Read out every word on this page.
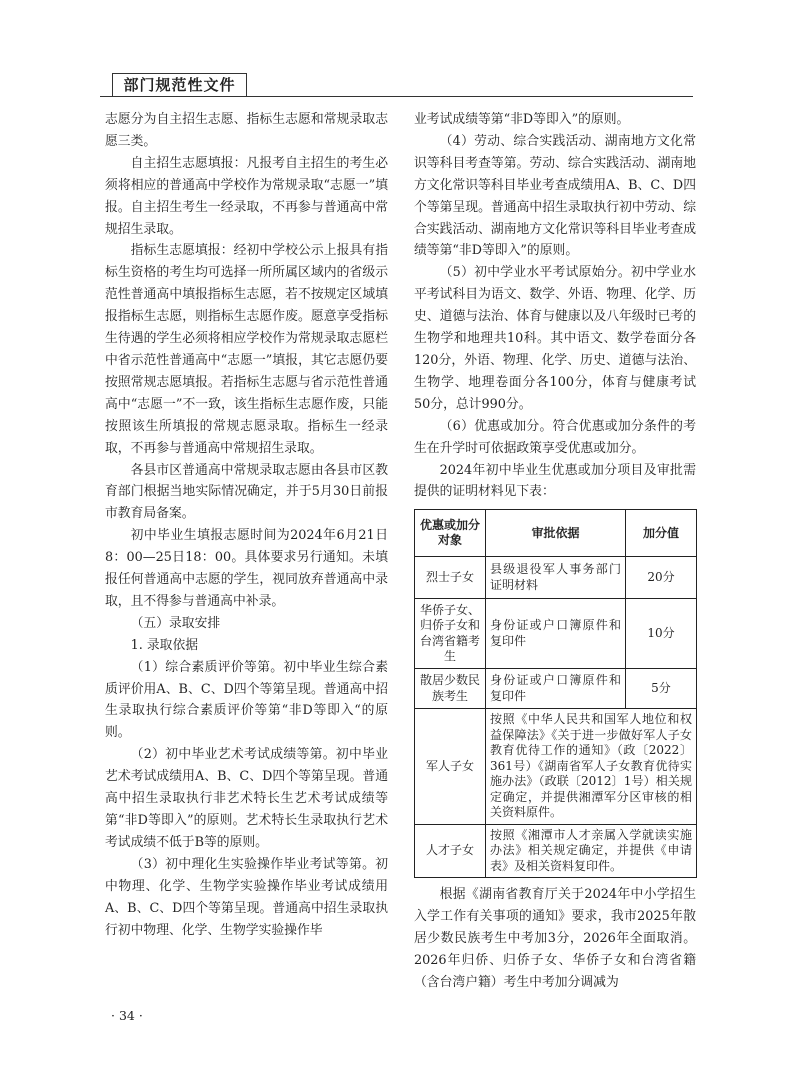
部门规范性文件

志愿分为自主招生志愿、指标生志愿和常规录取志愿三类。

自主招生志愿填报：凡报考自主招生的考生必须将相应的普通高中学校作为常规录取“志愿一”填报。自主招生考生一经录取，不再参与普通高中常规招生录取。

指标生志愿填报：经初中学校公示上报具有指标生资格的考生均可选择一所所属区域内的省级示范性普通高中填报指标生志愿，若不按规定区域填报指标生志愿，则指标生志愿作废。愿意享受指标生待遇的学生必须将相应学校作为常规录取志愿栏中省示范性普通高中“志愿一”填报，其它志愿仍要按照常规志愿填报。若指标生志愿与省示范性普通高中“志愿一”不一致，该生指标生志愿作废，只能按照该生所填报的常规志愿录取。指标生一经录取，不再参与普通高中常规招生录取。

各县市区普通高中常规录取志愿由各县市区教育部门根据当地实际情况确定，并于5月30日前报市教育局备案。

初中毕业生填报志愿时间为2024年6月21日8：00—25日18：00。具体要求另行通知。未填报任何普通高中志愿的学生，视同放弃普通高中录取，且不得参与普通高中补录。

（五）录取安排

1. 录取依据

（1）综合素质评价等第。初中毕业生综合素质评价用A、B、C、D四个等第呈现。普通高中招生录取执行综合素质评价等第“非D等即入“的原则。

（2）初中毕业艺术考试成绩等第。初中毕业艺术考试成绩用A、B、C、D四个等第呈现。普通高中招生录取执行非艺术特长生艺术考试成绩等第“非D等即入”的原则。艺术特长生录取执行艺术考试成绩不低于B等的原则。

（3）初中理化生实验操作毕业考试等第。初中物理、化学、生物学实验操作毕业考试成绩用A、B、C、D四个等第呈现。普通高中招生录取执行初中物理、化学、生物学实验操作毕

业考试成绩等第“非D等即入”的原则。

（4）劳动、综合实践活动、湖南地方文化常识等科目考查等第。劳动、综合实践活动、湖南地方文化常识等科目毕业考查成绩用A、B、C、D四个等第呈现。普通高中招生录取执行初中劳动、综合实践活动、湖南地方文化常识等科目毕业考查成绩等第“非D等即入”的原则。

（5）初中学业水平考试原始分。初中学业水平考试科目为语文、数学、外语、物理、化学、历史、道德与法治、体育与健康以及八年级时已考的生物学和地理共10科。其中语文、数学卷面分各120分，外语、物理、化学、历史、道德与法治、生物学、地理卷面分各100分，体育与健康考试50分，总计990分。

（6）优惠或加分。符合优惠或加分条件的考生在升学时可依据政策享受优惠或加分。

2024年初中毕业生优惠或加分项目及审批需提供的证明材料见下表：

优惠或加分对象	审批依据	加分值
烈士子女	县级退役军人事务部门证明材料	20分
华侨子女、归侨子女和台湾省籍考生	身份证或户口簿原件和复印件	10分
散居少数民族考生	身份证或户口簿原件和复印件	5分
军人子女	按照《中华人民共和国军人地位和权益保障法》《关于进一步做好军人子女教育优待工作的通知》（政〔2022〕361号）《湖南省军人子女教育优待实施办法》（政联〔2012〕1号）相关规定确定，并提供湘潭军分区审核的相关资料原件。	
人才子女	按照《湘潭市人才亲属入学就读实施办法》相关规定确定，并提供《申请表》及相关资料复印件。	

根据《湖南省教育厅关于2024年中小学招生入学工作有关事项的通知》要求，我市2025年散居少数民族考生中考加3分，2026年全面取消。2026年归侨、归侨子女、华侨子女和台湾省籍（含台湾户籍）考生中考加分调减为

· 34 ·
